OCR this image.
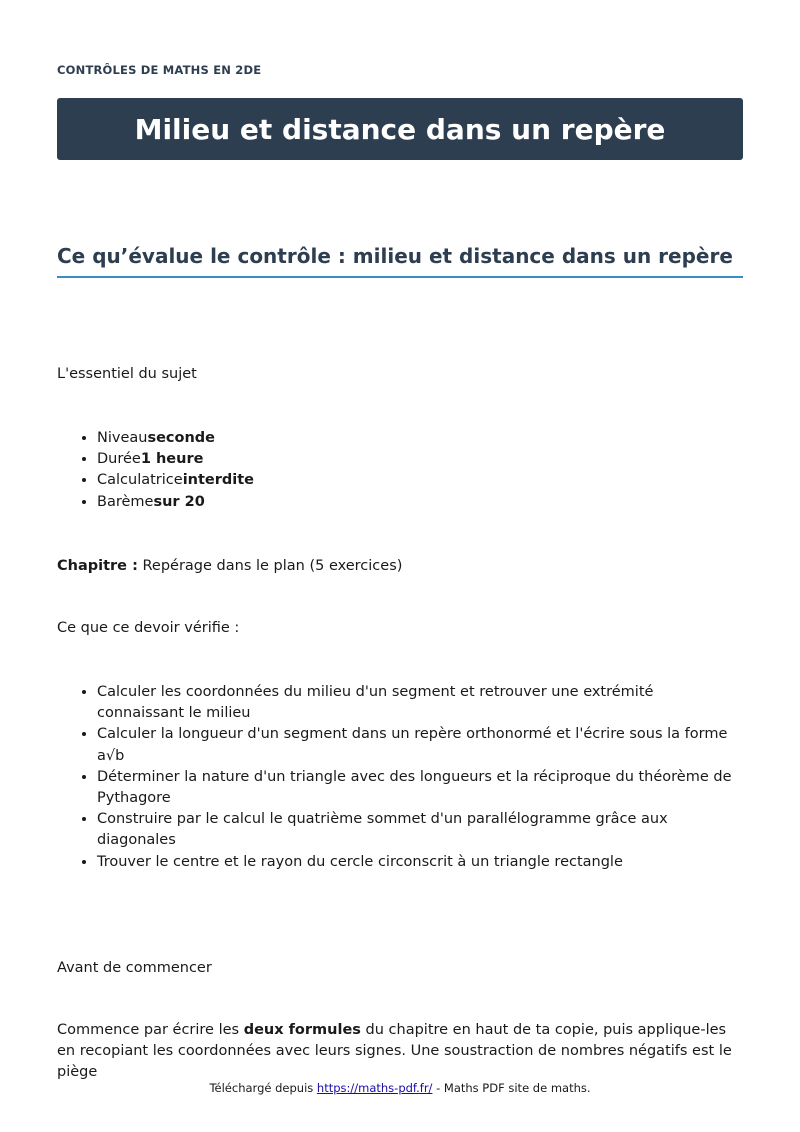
CONTRÔLES DE MATHS EN 2DE
Milieu et distance dans un repère
Ce qu’évalue le contrôle : milieu et distance dans un repère

L'essentiel du sujet

• Niveauseconde
• Durée1 heure
• Calculatriceinterdite
• Barèmesur 20

Chapitre : Repérage dans le plan (5 exercices)

Ce que ce devoir vérifie :

• Calculer les coordonnées du milieu d'un segment et retrouver une extrémité connaissant le milieu
• Calculer la longueur d'un segment dans un repère orthonormé et l'écrire sous la forme a√b
• Déterminer la nature d'un triangle avec des longueurs et la réciproque du théorème de Pythagore
• Construire par le calcul le quatrième sommet d'un parallélogramme grâce aux diagonales
• Trouver le centre et le rayon du cercle circonscrit à un triangle rectangle

Avant de commencer

Commence par écrire les deux formules du chapitre en haut de ta copie, puis applique-les en recopiant les coordonnées avec leurs signes. Une soustraction de nombres négatifs est le piège

Téléchargé depuis https://maths-pdf.fr/ - Maths PDF site de maths.
